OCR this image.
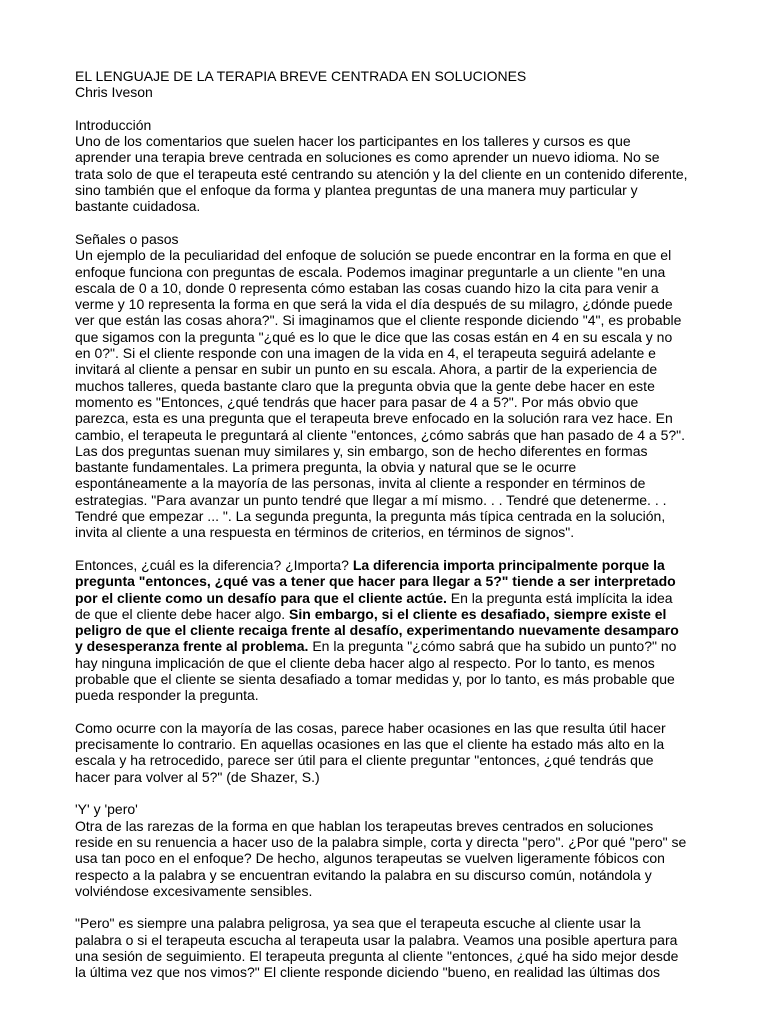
EL LENGUAJE DE LA TERAPIA BREVE CENTRADA EN SOLUCIONES

Chris Iveson

Introducción

Uno de los comentarios que suelen hacer los participantes en los talleres y cursos es que

aprender una terapia breve centrada en soluciones es como aprender un nuevo idioma. No se

trata solo de que el terapeuta esté centrando su atención y la del cliente en un contenido diferente,

sino también que el enfoque da forma y plantea preguntas de una manera muy particular y

bastante cuidadosa.

Señales o pasos

Un ejemplo de la peculiaridad del enfoque de solución se puede encontrar en la forma en que el

enfoque funciona con preguntas de escala. Podemos imaginar preguntarle a un cliente "en una

escala de 0 a 10, donde 0 representa cómo estaban las cosas cuando hizo la cita para venir a

verme y 10 representa la forma en que será la vida el día después de su milagro, ¿dónde puede

ver que están las cosas ahora?". Si imaginamos que el cliente responde diciendo "4", es probable

que sigamos con la pregunta "¿qué es lo que le dice que las cosas están en 4 en su escala y no

en 0?". Si el cliente responde con una imagen de la vida en 4, el terapeuta seguirá adelante e

invitará al cliente a pensar en subir un punto en su escala. Ahora, a partir de la experiencia de

muchos talleres, queda bastante claro que la pregunta obvia que la gente debe hacer en este

momento es "Entonces, ¿qué tendrás que hacer para pasar de 4 a 5?". Por más obvio que

parezca, esta es una pregunta que el terapeuta breve enfocado en la solución rara vez hace. En

cambio, el terapeuta le preguntará al cliente "entonces, ¿cómo sabrás que han pasado de 4 a 5?".

Las dos preguntas suenan muy similares y, sin embargo, son de hecho diferentes en formas

bastante fundamentales. La primera pregunta, la obvia y natural que se le ocurre

espontáneamente a la mayoría de las personas, invita al cliente a responder en términos de

estrategias. "Para avanzar un punto tendré que llegar a mí mismo. . . Tendré que detenerme. . .

Tendré que empezar ... ". La segunda pregunta, la pregunta más típica centrada en la solución,

invita al cliente a una respuesta en términos de criterios, en términos de signos".

Entonces, ¿cuál es la diferencia? ¿Importa? La diferencia importa principalmente porque la

pregunta "entonces, ¿qué vas a tener que hacer para llegar a 5?" tiende a ser interpretado

por el cliente como un desafío para que el cliente actúe. En la pregunta está implícita la idea

de que el cliente debe hacer algo. Sin embargo, si el cliente es desafiado, siempre existe el

peligro de que el cliente recaiga frente al desafío, experimentando nuevamente desamparo

y desesperanza frente al problema. En la pregunta "¿cómo sabrá que ha subido un punto?" no

hay ninguna implicación de que el cliente deba hacer algo al respecto. Por lo tanto, es menos

probable que el cliente se sienta desafiado a tomar medidas y, por lo tanto, es más probable que

pueda responder la pregunta.

Como ocurre con la mayoría de las cosas, parece haber ocasiones en las que resulta útil hacer

precisamente lo contrario. En aquellas ocasiones en las que el cliente ha estado más alto en la

escala y ha retrocedido, parece ser útil para el cliente preguntar "entonces, ¿qué tendrás que

hacer para volver al 5?" (de Shazer, S.)

'Y' y 'pero'

Otra de las rarezas de la forma en que hablan los terapeutas breves centrados en soluciones

reside en su renuencia a hacer uso de la palabra simple, corta y directa "pero". ¿Por qué "pero" se

usa tan poco en el enfoque? De hecho, algunos terapeutas se vuelven ligeramente fóbicos con

respecto a la palabra y se encuentran evitando la palabra en su discurso común, notándola y

volviéndose excesivamente sensibles.

"Pero" es siempre una palabra peligrosa, ya sea que el terapeuta escuche al cliente usar la

palabra o si el terapeuta escucha al terapeuta usar la palabra. Veamos una posible apertura para

una sesión de seguimiento. El terapeuta pregunta al cliente "entonces, ¿qué ha sido mejor desde

la última vez que nos vimos?" El cliente responde diciendo "bueno, en realidad las últimas dos
